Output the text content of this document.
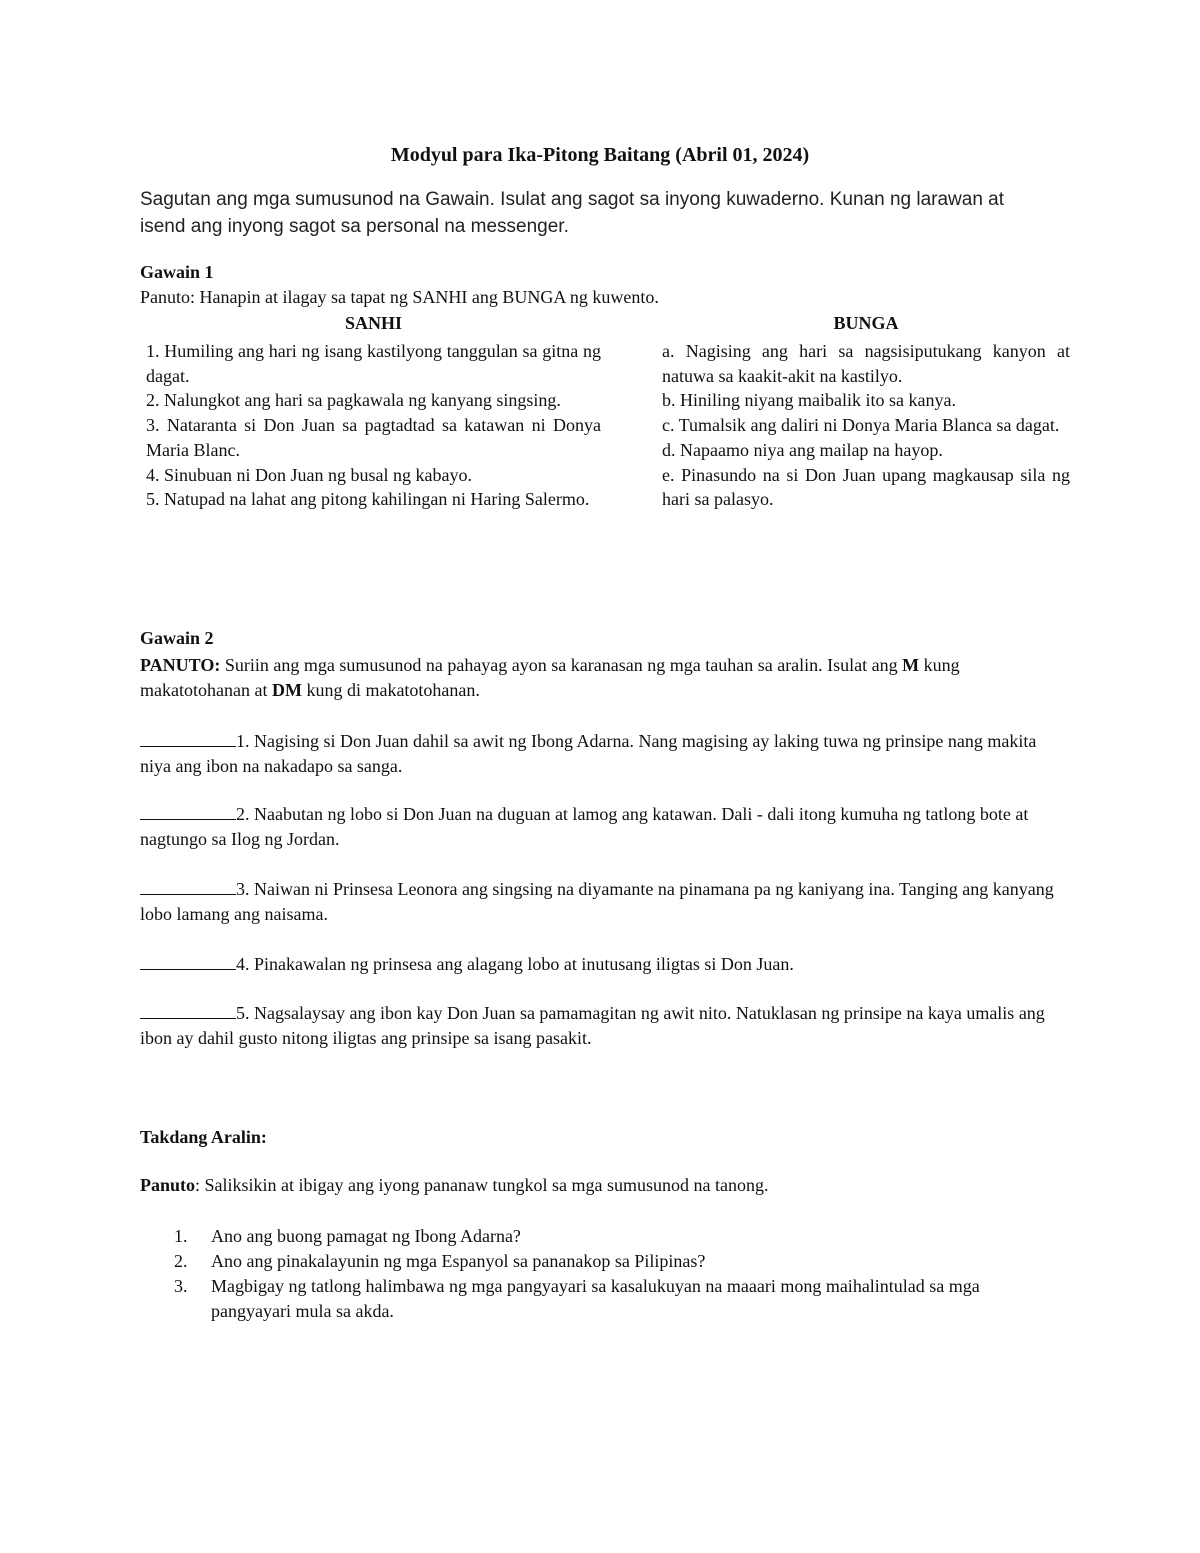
Modyul para Ika-Pitong Baitang (Abril 01, 2024)
Sagutan ang mga sumusunod na Gawain. Isulat ang sagot sa inyong kuwaderno. Kunan ng larawan at isend ang inyong sagot sa personal na messenger.
Gawain 1
Panuto: Hanapin at ilagay sa tapat ng SANHI ang BUNGA ng kuwento.
SANHI	BUNGA
1. Humiling ang hari ng isang kastilyong tanggulan sa gitna ng dagat.
2. Nalungkot ang hari sa pagkawala ng kanyang singsing.
3. Nataranta si Don Juan sa pagtadtad sa katawan ni Donya Maria Blanc.
4. Sinubuan ni Don Juan ng busal ng kabayo.
5. Natupad na lahat ang pitong kahilingan ni Haring Salermo.
a. Nagising ang hari sa nagsisiputukang kanyon at natuwa sa kaakit-akit na kastilyo.
b. Hiniling niyang maibalik ito sa kanya.
c. Tumalsik ang daliri ni Donya Maria Blanca sa dagat.
d. Napaamo niya ang mailap na hayop.
e. Pinasundo na si Don Juan upang magkausap sila ng hari sa palasyo.
Gawain 2
PANUTO: Suriin ang mga sumusunod na pahayag ayon sa karanasan ng mga tauhan sa aralin. Isulat ang M kung makatotohanan at DM kung di makatotohanan.
1. Nagising si Don Juan dahil sa awit ng Ibong Adarna. Nang magising ay laking tuwa ng prinsipe nang makita niya ang ibon na nakadapo sa sanga.
2. Naabutan ng lobo si Don Juan na duguan at lamog ang katawan. Dali - dali itong kumuha ng tatlong bote at nagtungo sa Ilog ng Jordan.
3. Naiwan ni Prinsesa Leonora ang singsing na diyamante na pinamana pa ng kaniyang ina. Tanging ang kanyang lobo lamang ang naisama.
4. Pinakawalan ng prinsesa ang alagang lobo at inutusang iligtas si Don Juan.
5. Nagsalaysay ang ibon kay Don Juan sa pamamagitan ng awit nito. Natuklasan ng prinsipe na kaya umalis ang ibon ay dahil gusto nitong iligtas ang prinsipe sa isang pasakit.
Takdang Aralin:
Panuto: Saliksikin at ibigay ang iyong pananaw tungkol sa mga sumusunod na tanong.
1. Ano ang buong pamagat ng Ibong Adarna?
2. Ano ang pinakalayunin ng mga Espanyol sa pananakop sa Pilipinas?
3. Magbigay ng tatlong halimbawa ng mga pangyayari sa kasalukuyan na maaari mong maihalintulad sa mga pangyayari mula sa akda.
